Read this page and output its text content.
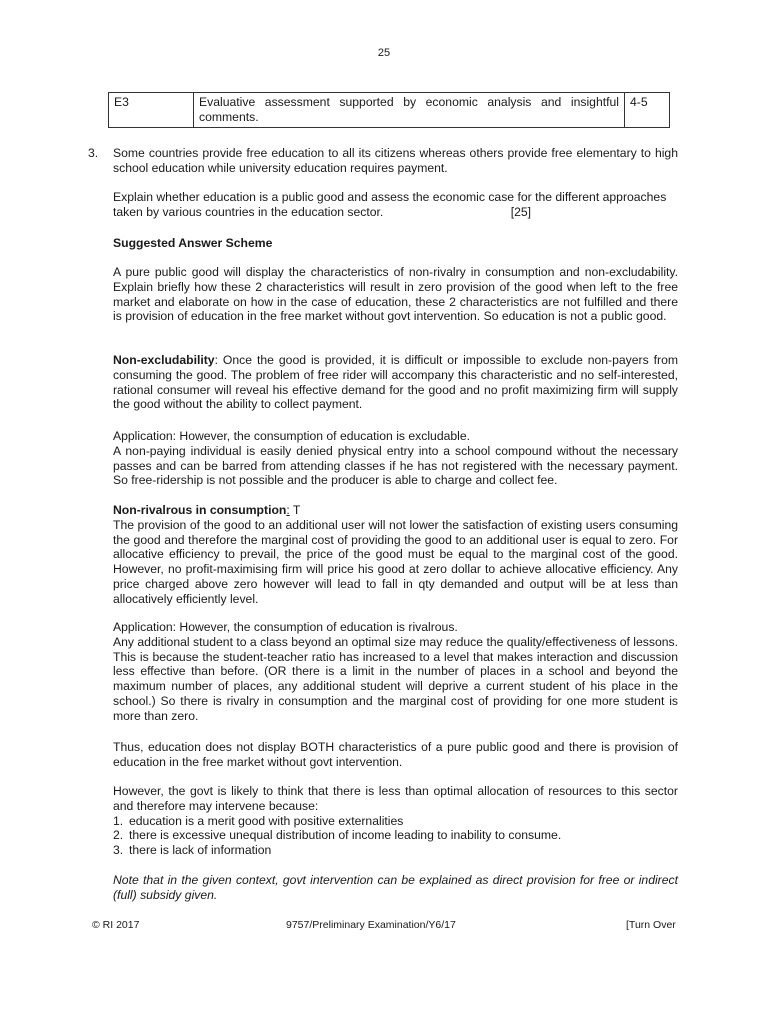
25
E3	Evaluative assessment supported by economic analysis and insightful comments.	4-5
3. Some countries provide free education to all its citizens whereas others provide free elementary to high school education while university education requires payment.

Explain whether education is a public good and assess the economic case for the different approaches taken by various countries in the education sector.	[25]

Suggested Answer Scheme

A pure public good will display the characteristics of non-rivalry in consumption and non-excludability. Explain briefly how these 2 characteristics will result in zero provision of the good when left to the free market and elaborate on how in the case of education, these 2 characteristics are not fulfilled and there is provision of education in the free market without govt intervention. So education is not a public good.

Non-excludability: Once the good is provided, it is difficult or impossible to exclude non-payers from consuming the good. The problem of free rider will accompany this characteristic and no self-interested, rational consumer will reveal his effective demand for the good and no profit maximizing firm will supply the good without the ability to collect payment.

Application: However, the consumption of education is excludable.
A non-paying individual is easily denied physical entry into a school compound without the necessary passes and can be barred from attending classes if he has not registered with the necessary payment. So free-ridership is not possible and the producer is able to charge and collect fee.
Non-rivalrous in consumption: T
The provision of the good to an additional user will not lower the satisfaction of existing users consuming the good and therefore the marginal cost of providing the good to an additional user is equal to zero. For allocative efficiency to prevail, the price of the good must be equal to the marginal cost of the good. However, no profit-maximising firm will price his good at zero dollar to achieve allocative efficiency. Any price charged above zero however will lead to fall in qty demanded and output will be at less than allocatively efficiently level.
Application: However, the consumption of education is rivalrous.
Any additional student to a class beyond an optimal size may reduce the quality/effectiveness of lessons. This is because the student-teacher ratio has increased to a level that makes interaction and discussion less effective than before. (OR there is a limit in the number of places in a school and beyond the maximum number of places, any additional student will deprive a current student of his place in the school.) So there is rivalry in consumption and the marginal cost of providing for one more student is more than zero.

Thus, education does not display BOTH characteristics of a pure public good and there is provision of education in the free market without govt intervention.

However, the govt is likely to think that there is less than optimal allocation of resources to this sector and therefore may intervene because:
1. education is a merit good with positive externalities
2. there is excessive unequal distribution of income leading to inability to consume.
3. there is lack of information

Note that in the given context, govt intervention can be explained as direct provision for free or indirect (full) subsidy given.

© RI 2017	9757/Preliminary Examination/Y6/17	[Turn Over
